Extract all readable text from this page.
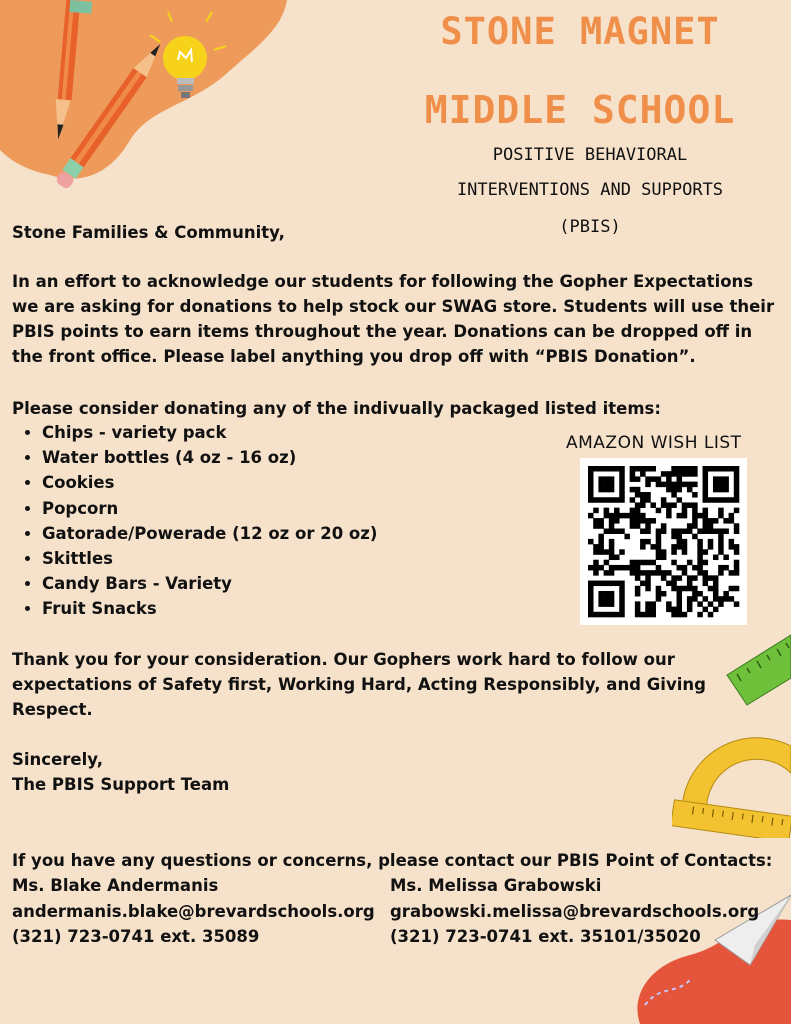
STONE MAGNET
MIDDLE SCHOOL
POSITIVE BEHAVIORAL
INTERVENTIONS AND SUPPORTS
(PBIS)
Stone Families & Community,
In an effort to acknowledge our students for following the Gopher Expectations we are asking for donations to help stock our SWAG store. Students will use their PBIS points to earn items throughout the year. Donations can be dropped off in the front office. Please label anything you drop off with “PBIS Donation”.
Please consider donating any of the indivually packaged listed items:
• Chips - variety pack
• Water bottles (4 oz - 16 oz)
• Cookies
• Popcorn
• Gatorade/Powerade (12 oz or 20 oz)
• Skittles
• Candy Bars - Variety
• Fruit Snacks
AMAZON WISH LIST
Thank you for your consideration. Our Gophers work hard to follow our expectations of Safety first, Working Hard, Acting Responsibly, and Giving Respect.
Sincerely,
The PBIS Support Team
If you have any questions or concerns, please contact our PBIS Point of Contacts:
Ms. Blake Andermanis
andermanis.blake@brevardschools.org
(321) 723-0741 ext. 35089
Ms. Melissa Grabowski
grabowski.melissa@brevardschools.org
(321) 723-0741 ext. 35101/35020
